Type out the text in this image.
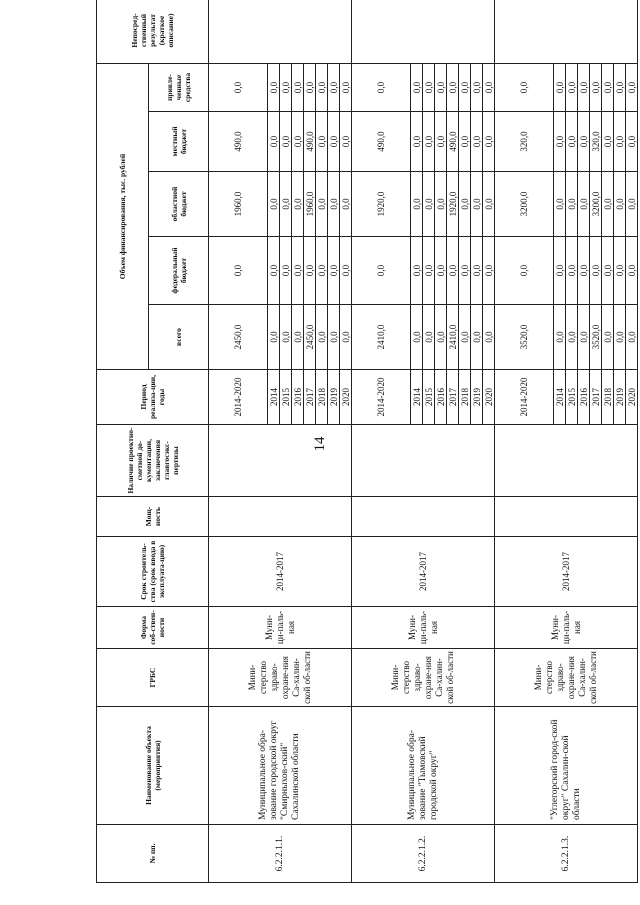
14
№ пп.	Наименование объекта (мероприятия)	ГРБС	Форма соб-ствен-ности	Срок строитель-ства (срок ввода в эксплуата-цию)	Мощ-ность	Наличие проектно-сметной до-кументации, заключения главгосэкс-пертизы	Период реализа-ции, годы	Объем финансирования, тыс. рублей					Непосред-ственный результат (краткое описание)
								всего	федеральный бюджет	областной бюджет	местный бюджет	привле-ченные средства	
6.2.2.1.1.	Муниципальное обра-зование городской округ "Смирныхов-ский" Сахалинской области	Мини-стерство здраво-охране-ния Са-халин-ской об-ласти	Муни-ци-паль-ная	2014-2017			2014-2020	2450,0	0,0	1960,0	490,0	0,0	
							2014	0,0	0,0	0,0	0,0	0,0	
							2015	0,0	0,0	0,0	0,0	0,0	
							2016	0,0	0,0	0,0	0,0	0,0	
							2017	2450,0	0,0	1960,0	490,0	0,0	
							2018	0,0	0,0	0,0	0,0	0,0	
							2019	0,0	0,0	0,0	0,0	0,0	
							2020	0,0	0,0	0,0	0,0	0,0	
6.2.2.1.2.	Муниципальное обра-зование "Тымовский городской округ"	Мини-стерство здраво-охране-ния Са-халин-ской об-ласти	Муни-ци-паль-ная	2014-2017			2014-2020	2410,0	0,0	1920,0	490,0	0,0	
							2014	0,0	0,0	0,0	0,0	0,0	
							2015	0,0	0,0	0,0	0,0	0,0	
							2016	0,0	0,0	0,0	0,0	0,0	
							2017	2410,0	0,0	1920,0	490,0	0,0	
							2018	0,0	0,0	0,0	0,0	0,0	
							2019	0,0	0,0	0,0	0,0	0,0	
							2020	0,0	0,0	0,0	0,0	0,0	
6.2.2.1.3.	"Углегорский город-ской округ" Сахалин-ской области	Мини-стерство здраво-охране-ния Са-халин-ской об-ласти	Муни-ци-паль-ная	2014-2017			2014-2020	3520,0	0,0	3200,0	320,0	0,0	
							2014	0,0	0,0	0,0	0,0	0,0	
							2015	0,0	0,0	0,0	0,0	0,0	
							2016	0,0	0,0	0,0	0,0	0,0	
							2017	3520,0	0,0	3200,0	320,0	0,0	
							2018	0,0	0,0	0,0	0,0	0,0	
							2019	0,0	0,0	0,0	0,0	0,0	
							2020	0,0	0,0	0,0	0,0	0,0	
